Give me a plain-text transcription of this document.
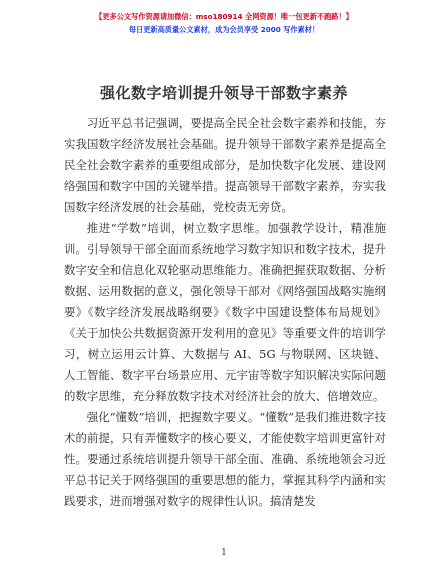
【更多公文写作资源请加微信：mso180914 全网资源！唯一包更新不跑路！】
每日更新高质量公文素材，成为会员享受 2000 写作素材！
强化数字培训提升领导干部数字素养

习近平总书记强调，要提高全民全社会数字素养和技能，夯实我国数字经济发展社会基础。提升领导干部数字素养是提高全民全社会数字素养的重要组成部分，是加快数字化发展、建设网络强国和数字中国的关键举措。提高领导干部数字素养，夯实我国数字经济发展的社会基础，党校责无旁贷。

推进“学数”培训，树立数字思维。加强教学设计，精准施训。引导领导干部全面而系统地学习数字知识和数字技术，提升数字安全和信息化双轮驱动思维能力。准确把握获取数据、分析数据、运用数据的意义，强化领导干部对《网络强国战略实施纲要》《数字经济发展战略纲要》《数字中国建设整体布局规划》《关于加快公共数据资源开发利用的意见》等重要文件的培训学习，树立运用云计算、大数据与 AI、5G 与物联网、区块链、人工智能、数字平台场景应用、元宇宙等数字知识解决实际问题的数字思维，充分释放数字技术对经济社会的放大、倍增效应。

强化“懂数”培训，把握数字要义。“懂数”是我们推进数字技术的前提，只有弄懂数字的核心要义，才能使数字培训更富针对性。要通过系统培训提升领导干部全面、准确、系统地领会习近平总书记关于网络强国的重要思想的能力，掌握其科学内涵和实践要求，进而增强对数字的规律性认识。搞清楚发

1
